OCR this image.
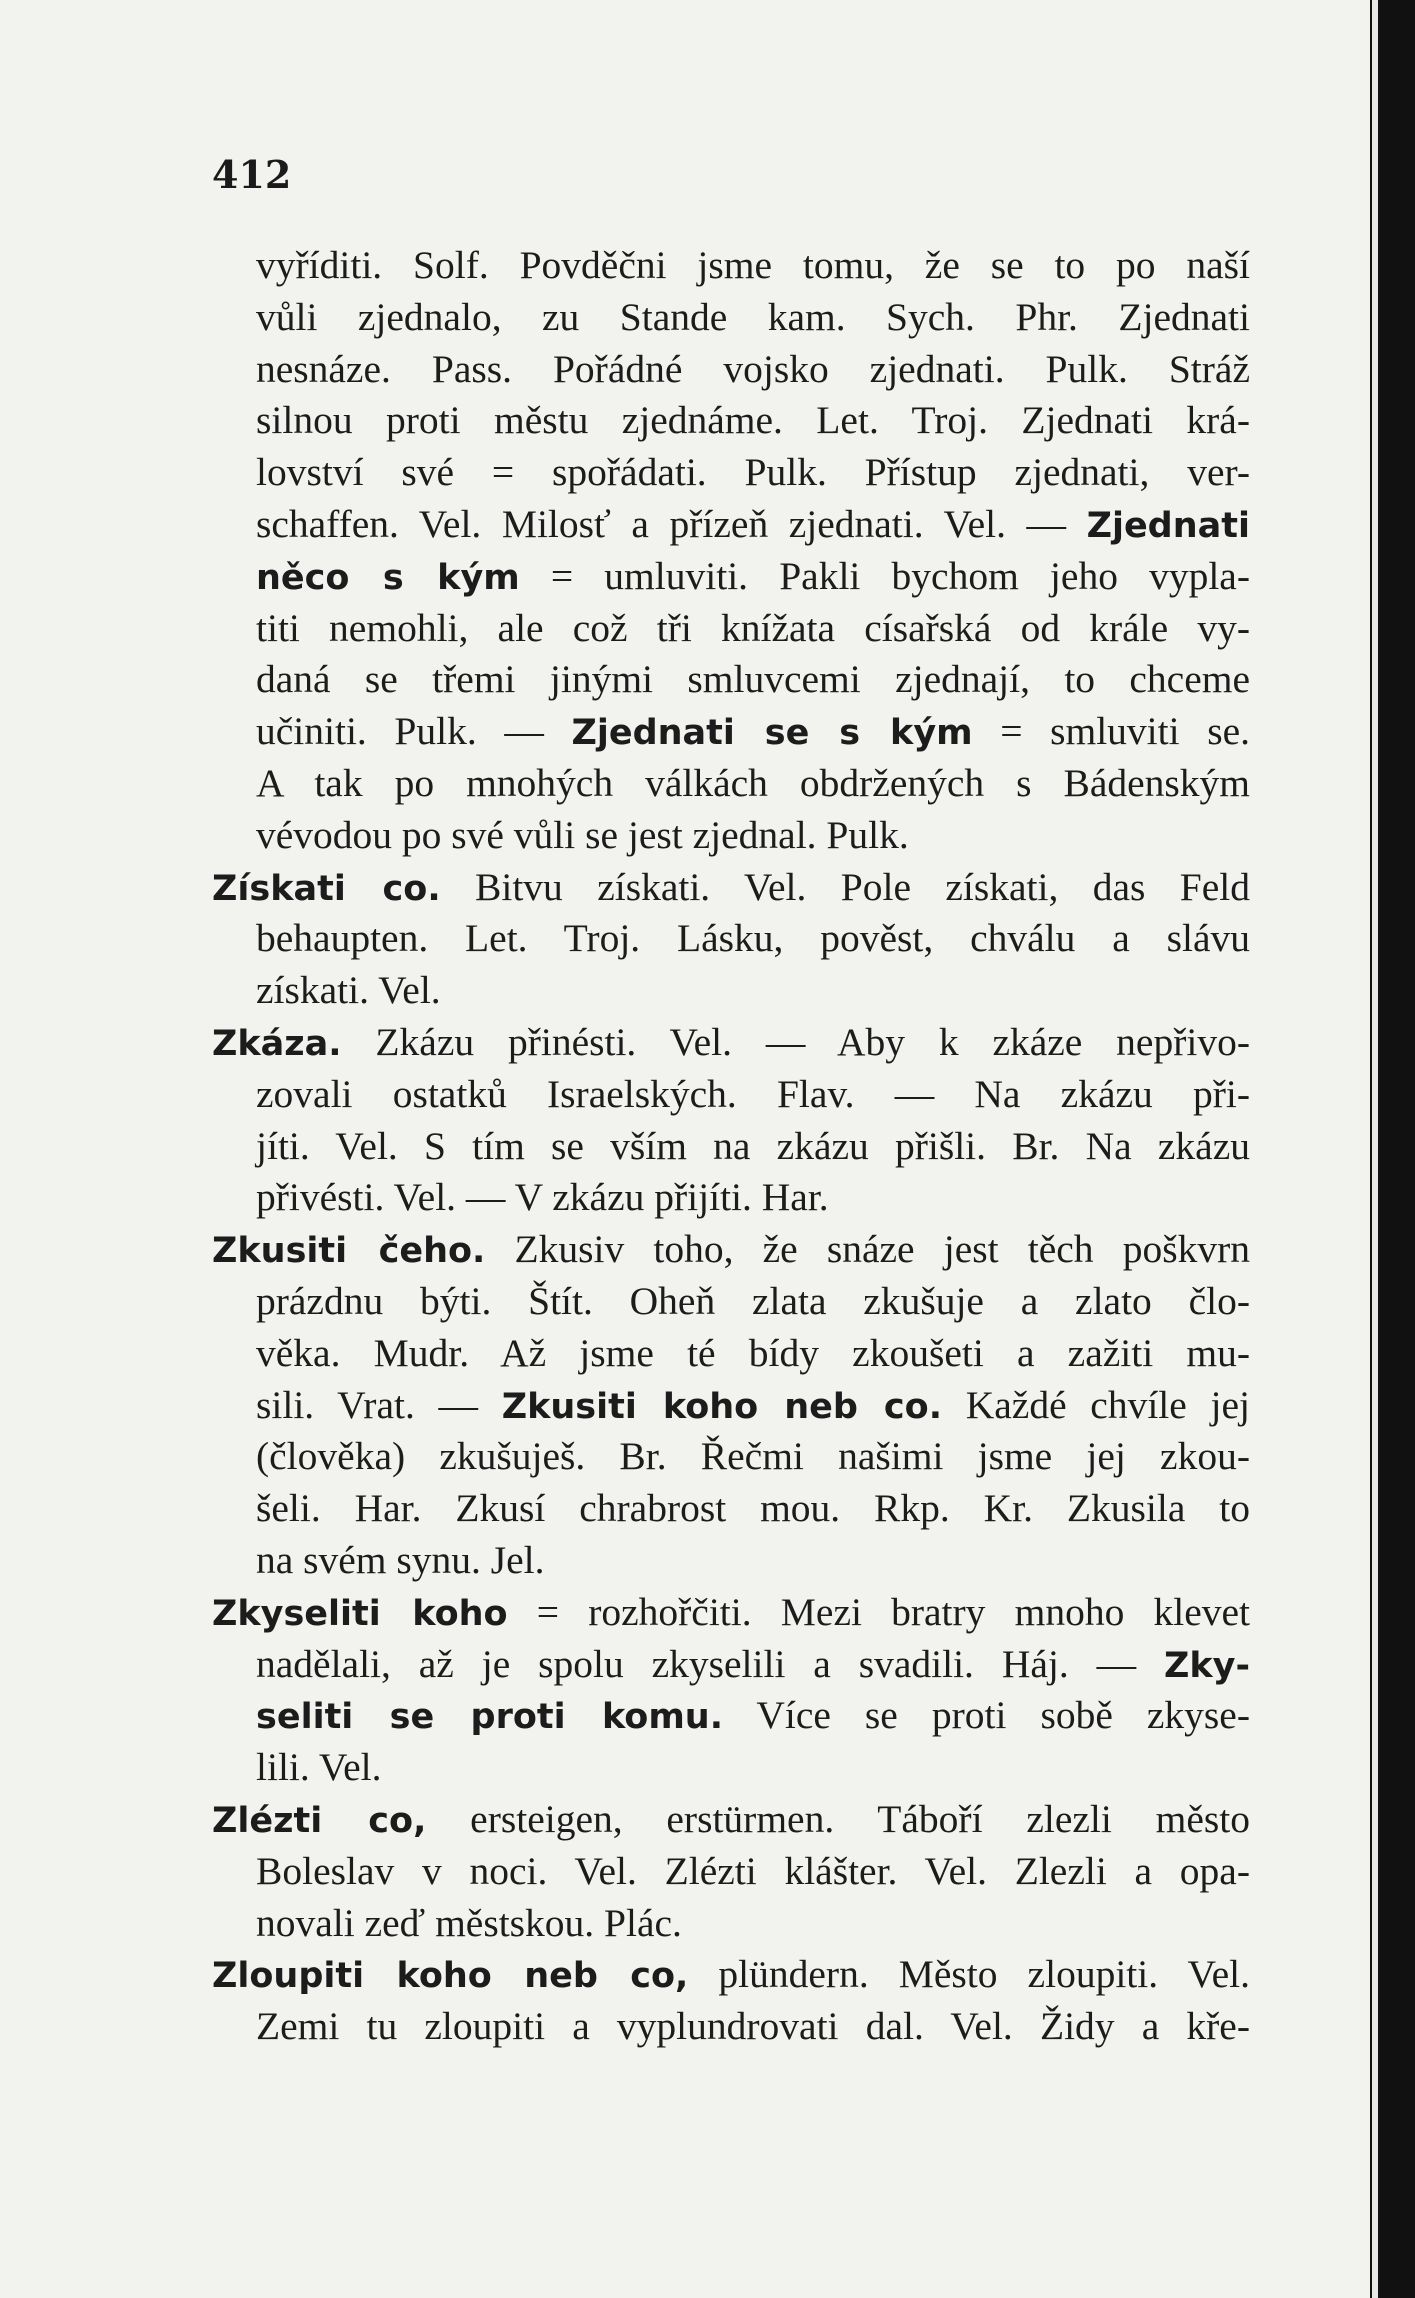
412
vyříditi. Solf. Povděčni jsme tomu, že se to po naší
vůli zjednalo, zu Stande kam. Sych. Phr. Zjednati
nesnáze. Pass. Pořádné vojsko zjednati. Pulk. Stráž
silnou proti městu zjednáme. Let. Troj. Zjednati krá-
lovství své = spořádati. Pulk. Přístup zjednati, ver-
schaffen. Vel. Milosť a přízeň zjednati. Vel. — Zjednati
něco s kým = umluviti. Pakli bychom jeho vypla-
titi nemohli, ale což tři knížata císařská od krále vy-
daná se třemi jinými smluvcemi zjednají, to chceme
učiniti. Pulk. — Zjednati se s kým = smluviti se.
A tak po mnohých válkách obdržených s Bádenským
vévodou po své vůli se jest zjednal. Pulk.
Získati co. Bitvu získati. Vel. Pole získati, das Feld
behaupten. Let. Troj. Lásku, pověst, chválu a slávu
získati. Vel.
Zkáza. Zkázu přinésti. Vel. — Aby k zkáze nepřivo-
zovali ostatků Israelských. Flav. — Na zkázu při-
jíti. Vel. S tím se vším na zkázu přišli. Br. Na zkázu
přivésti. Vel. — V zkázu přijíti. Har.
Zkusiti čeho. Zkusiv toho, že snáze jest těch poškvrn
prázdnu býti. Štít. Oheň zlata zkušuje a zlato člo-
věka. Mudr. Až jsme té bídy zkoušeti a zažiti mu-
sili. Vrat. — Zkusiti koho neb co. Každé chvíle jej
(člověka) zkušuješ. Br. Řečmi našimi jsme jej zkou-
šeli. Har. Zkusí chrabrost mou. Rkp. Kr. Zkusila to
na svém synu. Jel.
Zkyseliti koho = rozhořčiti. Mezi bratry mnoho klevet
nadělali, až je spolu zkyselili a svadili. Háj. — Zky-
seliti se proti komu. Více se proti sobě zkyse-
lili. Vel.
Zlézti co, ersteigen, erstürmen. Táboří zlezli město
Boleslav v noci. Vel. Zlézti klášter. Vel. Zlezli a opa-
novali zeď městskou. Plác.
Zloupiti koho neb co, plündern. Město zloupiti. Vel.
Zemi tu zloupiti a vyplundrovati dal. Vel. Židy a kře-
